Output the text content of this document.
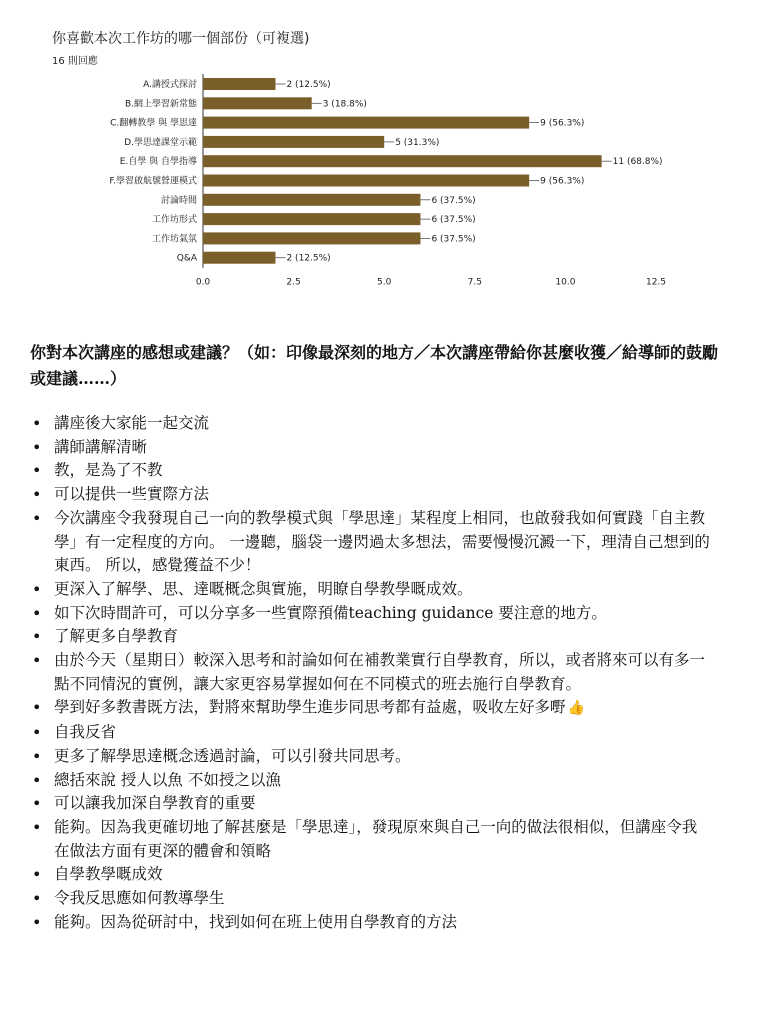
你喜歡本次工作坊的哪一個部份（可複選)
16 則回應
A.講授式探討	2 (12.5%)
B.網上學習新常態	3 (18.8%)
C.翻轉教學 與 學思達	9 (56.3%)
D.學思達課堂示範	5 (31.3%)
E.自學 與 自學指導	11 (68.8%)
F.學習啟航號營運模式	9 (56.3%)
討論時間	6 (37.5%)
工作坊形式	6 (37.5%)
工作坊氣氛	6 (37.5%)
Q&A	2 (12.5%)
0.0	2.5	5.0	7.5	10.0	12.5

你對本次講座的感想或建議？（如：印像最深刻的地方／本次講座帶給你甚麼收獲／給導師的鼓勵或建議……）

• 講座後大家能一起交流
• 講師講解清晰
• 教，是為了不教
• 可以提供一些實際方法
• 今次講座令我發現自己一向的教學模式與「學思達」某程度上相同，也啟發我如何實踐「自主教學」有一定程度的方向。 一邊聽，腦袋一邊閃過太多想法，需要慢慢沉澱一下，理清自己想到的東西。 所以，感覺獲益不少！
• 更深入了解學、思、達嘅概念與實施，明瞭自學教學嘅成效。
• 如下次時間許可，可以分享多一些實際預備teaching guidance 要注意的地方。
• 了解更多自學教育
• 由於今天（星期日）較深入思考和討論如何在補教業實行自學教育，所以，或者將來可以有多一點不同情況的實例，讓大家更容易掌握如何在不同模式的班去施行自學教育。
• 學到好多教書既方法，對將來幫助學生進步同思考都有益處，吸收左好多嘢 👍
• 自我反省
• 更多了解學思達概念透過討論，可以引發共同思考。
• 總括來說 授人以魚 不如授之以漁
• 可以讓我加深自學教育的重要
• 能夠。因為我更確切地了解甚麼是「學思達」，發現原來與自己一向的做法很相似，但講座令我在做法方面有更深的體會和領略
• 自學教學嘅成效
• 令我反思應如何教導學生
• 能夠。因為從研討中，找到如何在班上使用自學教育的方法
